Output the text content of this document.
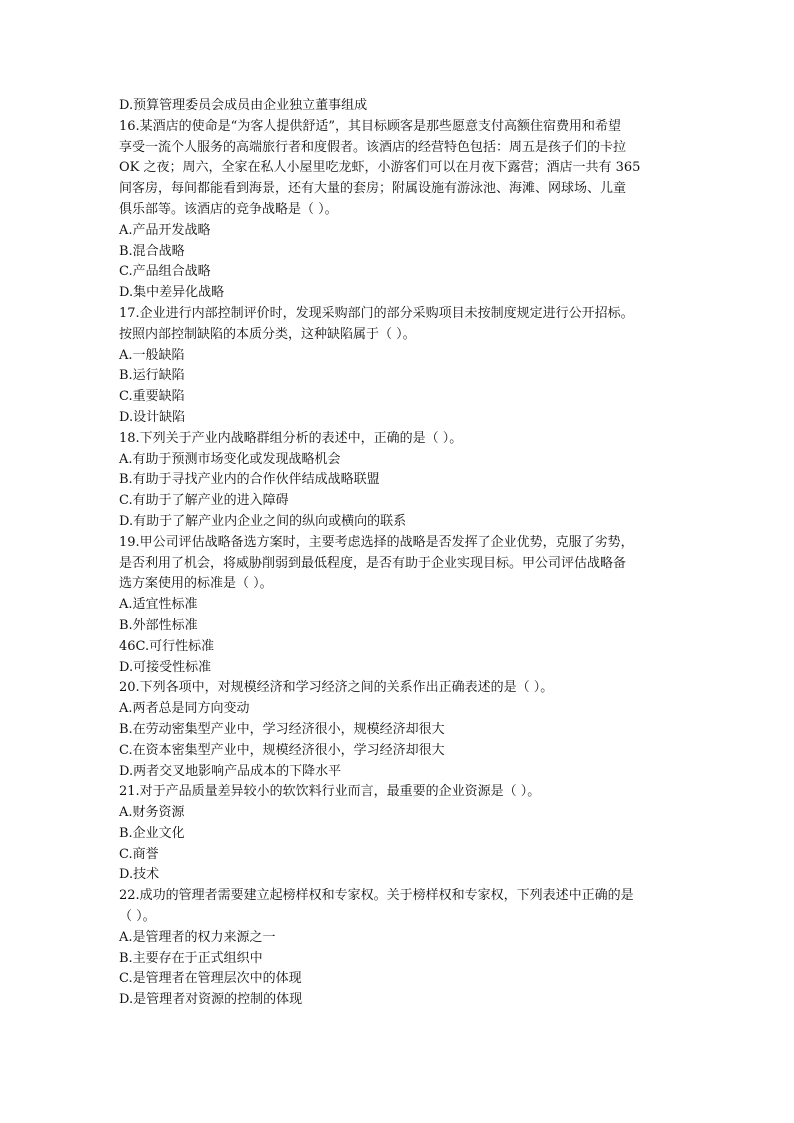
D.预算管理委员会成员由企业独立董事组成
16.某酒店的使命是“为客人提供舒适”，其目标顾客是那些愿意支付高额住宿费用和希望
享受一流个人服务的高端旅行者和度假者。该酒店的经营特色包括：周五是孩子们的卡拉
OK 之夜；周六，全家在私人小屋里吃龙虾，小游客们可以在月夜下露营；酒店一共有 365
间客房，每间都能看到海景，还有大量的套房；附属设施有游泳池、海滩、网球场、儿童
俱乐部等。该酒店的竞争战略是（ ）。
A.产品开发战略
B.混合战略
C.产品组合战略
D.集中差异化战略
17.企业进行内部控制评价时，发现采购部门的部分采购项目未按制度规定进行公开招标。
按照内部控制缺陷的本质分类，这种缺陷属于（ ）。
A.一般缺陷
B.运行缺陷
C.重要缺陷
D.设计缺陷
18.下列关于产业内战略群组分析的表述中，正确的是（ ）。
A.有助于预测市场变化或发现战略机会
B.有助于寻找产业内的合作伙伴结成战略联盟
C.有助于了解产业的进入障碍
D.有助于了解产业内企业之间的纵向或横向的联系
19.甲公司评估战略备选方案时，主要考虑选择的战略是否发挥了企业优势，克服了劣势，
是否利用了机会，将威胁削弱到最低程度，是否有助于企业实现目标。甲公司评估战略备
选方案使用的标准是（ ）。
A.适宜性标准
B.外部性标准
46C.可行性标准
D.可接受性标准
20.下列各项中，对规模经济和学习经济之间的关系作出正确表述的是（ ）。
A.两者总是同方向变动
B.在劳动密集型产业中，学习经济很小，规模经济却很大
C.在资本密集型产业中，规模经济很小，学习经济却很大
D.两者交叉地影响产品成本的下降水平
21.对于产品质量差异较小的软饮料行业而言，最重要的企业资源是（ ）。
A.财务资源
B.企业文化
C.商誉
D.技术
22.成功的管理者需要建立起榜样权和专家权。关于榜样权和专家权，下列表述中正确的是
（ ）。
A.是管理者的权力来源之一
B.主要存在于正式组织中
C.是管理者在管理层次中的体现
D.是管理者对资源的控制的体现
